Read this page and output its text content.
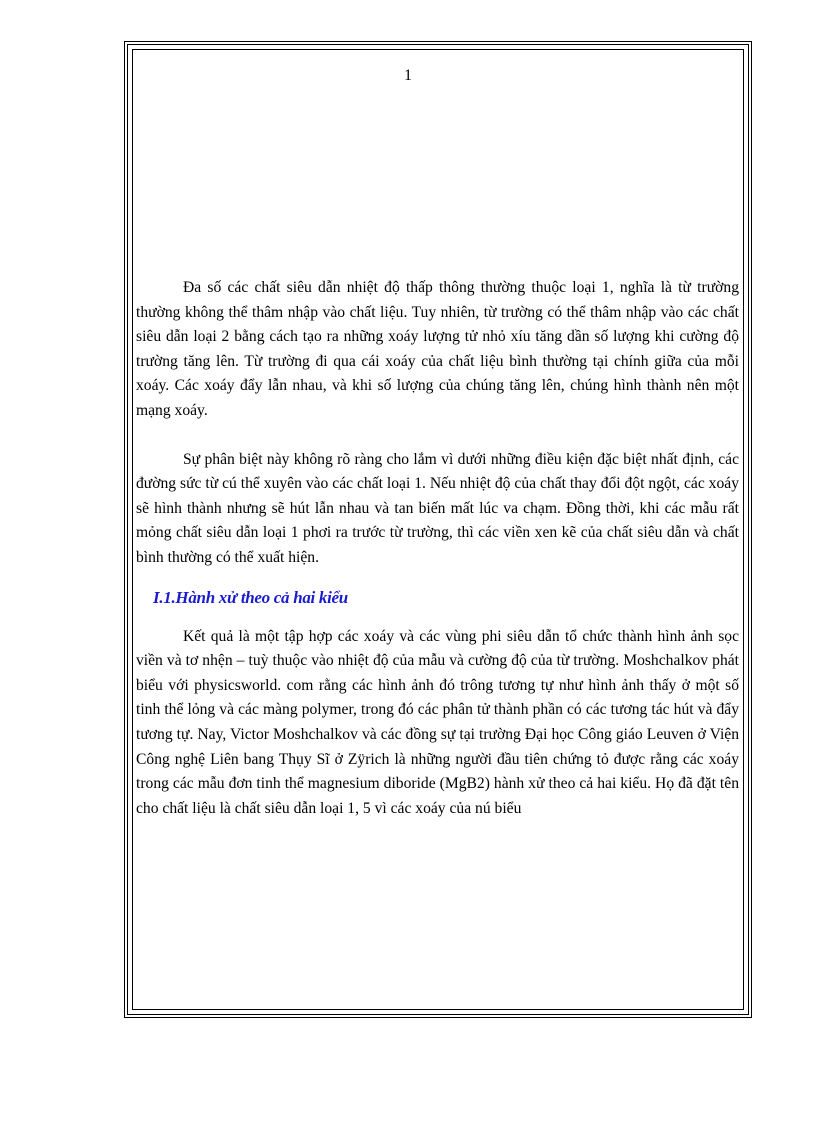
1

Đa số các chất siêu dẫn nhiệt độ thấp thông thường thuộc loại 1, nghĩa là từ trường thường không thể thâm nhập vào chất liệu. Tuy nhiên, từ trường có thể thâm nhập vào các chất siêu dẫn loại 2 bằng cách tạo ra những xoáy lượng tử nhỏ xíu tăng dần số lượng khi cường độ trường tăng lên. Từ trường đi qua cái xoáy của chất liệu bình thường tại chính giữa của mỗi xoáy. Các xoáy đẩy lẫn nhau, và khi số lượng của chúng tăng lên, chúng hình thành nên một mạng xoáy.

Sự phân biệt này không rõ ràng cho lắm vì dưới những điều kiện đặc biệt nhất định, các đường sức từ cú thể xuyên vào các chất loại 1. Nếu nhiệt độ của chất thay đổi đột ngột, các xoáy sẽ hình thành nhưng sẽ hút lẫn nhau và tan biến mất lúc va chạm. Đồng thời, khi các mẫu rất mỏng chất siêu dẫn loại 1 phơi ra trước từ trường, thì các viền xen kẽ của chất siêu dẫn và chất bình thường có thể xuất hiện.

I.1.Hành xử theo cả hai kiểu

Kết quả là một tập hợp các xoáy và các vùng phi siêu dẫn tổ chức thành hình ảnh sọc viền và tơ nhện – tuỳ thuộc vào nhiệt độ của mẫu và cường độ của từ trường. Moshchalkov phát biểu với physicsworld. com rằng các hình ảnh đó trông tương tự như hình ảnh thấy ở một số tinh thể lỏng và các màng polymer, trong đó các phân tử thành phần có các tương tác hút và đẩy tương tự. Nay, Victor Moshchalkov và các đồng sự tại trường Đại học Công giáo Leuven ở Viện Công nghệ Liên bang Thụy Sĩ ở Zÿrich là những người đầu tiên chứng tỏ được rằng các xoáy trong các mẫu đơn tinh thể magnesium diboride (MgB2) hành xử theo cả hai kiểu. Họ đã đặt tên cho chất liệu là chất siêu dẫn loại 1, 5 vì các xoáy của nú biểu
